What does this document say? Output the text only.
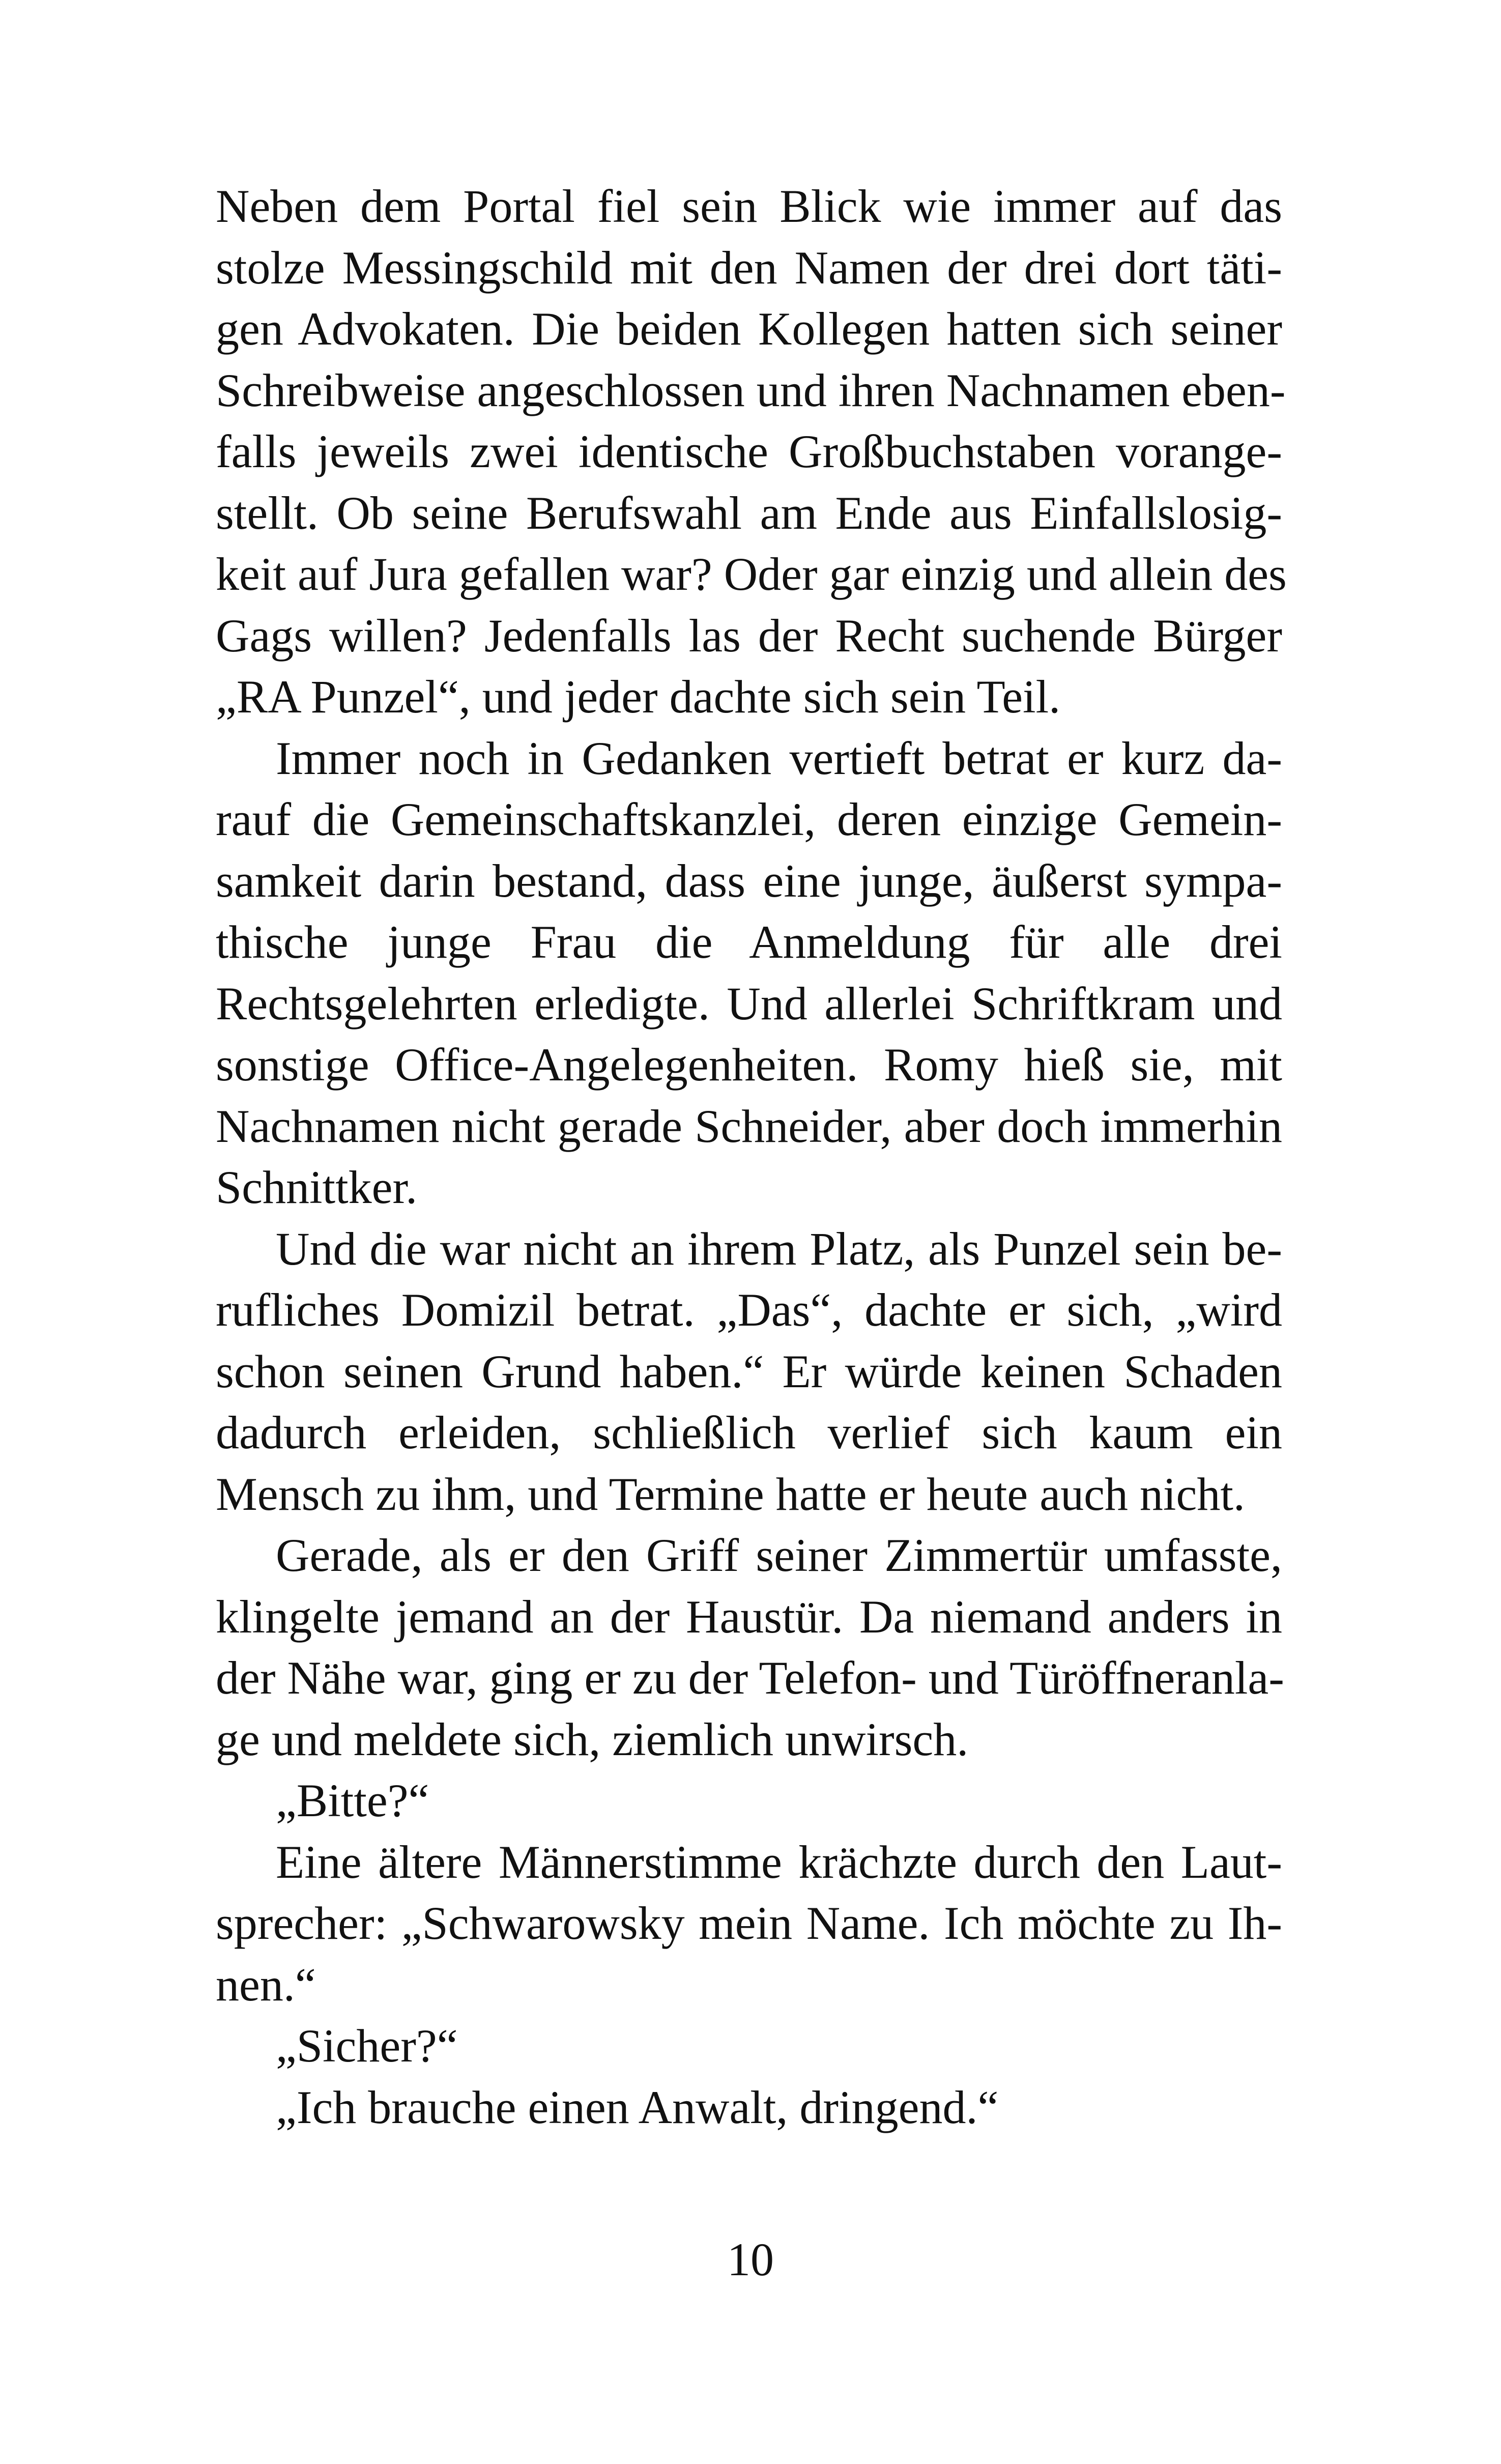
Neben dem Portal fiel sein Blick wie immer auf das
stolze Messingschild mit den Namen der drei dort täti-
gen Advokaten. Die beiden Kollegen hatten sich seiner
Schreibweise angeschlossen und ihren Nachnamen eben-
falls jeweils zwei identische Großbuchstaben vorange-
stellt. Ob seine Berufswahl am Ende aus Einfallslosig-
keit auf Jura gefallen war? Oder gar einzig und allein des
Gags willen? Jedenfalls las der Recht suchende Bürger
„RA Punzel“, und jeder dachte sich sein Teil.
Immer noch in Gedanken vertieft betrat er kurz da-
rauf die Gemeinschaftskanzlei, deren einzige Gemein-
samkeit darin bestand, dass eine junge, äußerst sympa-
thische junge Frau die Anmeldung für alle drei
Rechtsgelehrten erledigte. Und allerlei Schriftkram und
sonstige Office-Angelegenheiten. Romy hieß sie, mit
Nachnamen nicht gerade Schneider, aber doch immerhin
Schnittker.
Und die war nicht an ihrem Platz, als Punzel sein be-
rufliches Domizil betrat. „Das“, dachte er sich, „wird
schon seinen Grund haben.“ Er würde keinen Schaden
dadurch erleiden, schließlich verlief sich kaum ein
Mensch zu ihm, und Termine hatte er heute auch nicht.
Gerade, als er den Griff seiner Zimmertür umfasste,
klingelte jemand an der Haustür. Da niemand anders in
der Nähe war, ging er zu der Telefon- und Türöffneranla-
ge und meldete sich, ziemlich unwirsch.
„Bitte?“
Eine ältere Männerstimme krächzte durch den Laut-
sprecher: „Schwarowsky mein Name. Ich möchte zu Ih-
nen.“
„Sicher?“
„Ich brauche einen Anwalt, dringend.“
10
